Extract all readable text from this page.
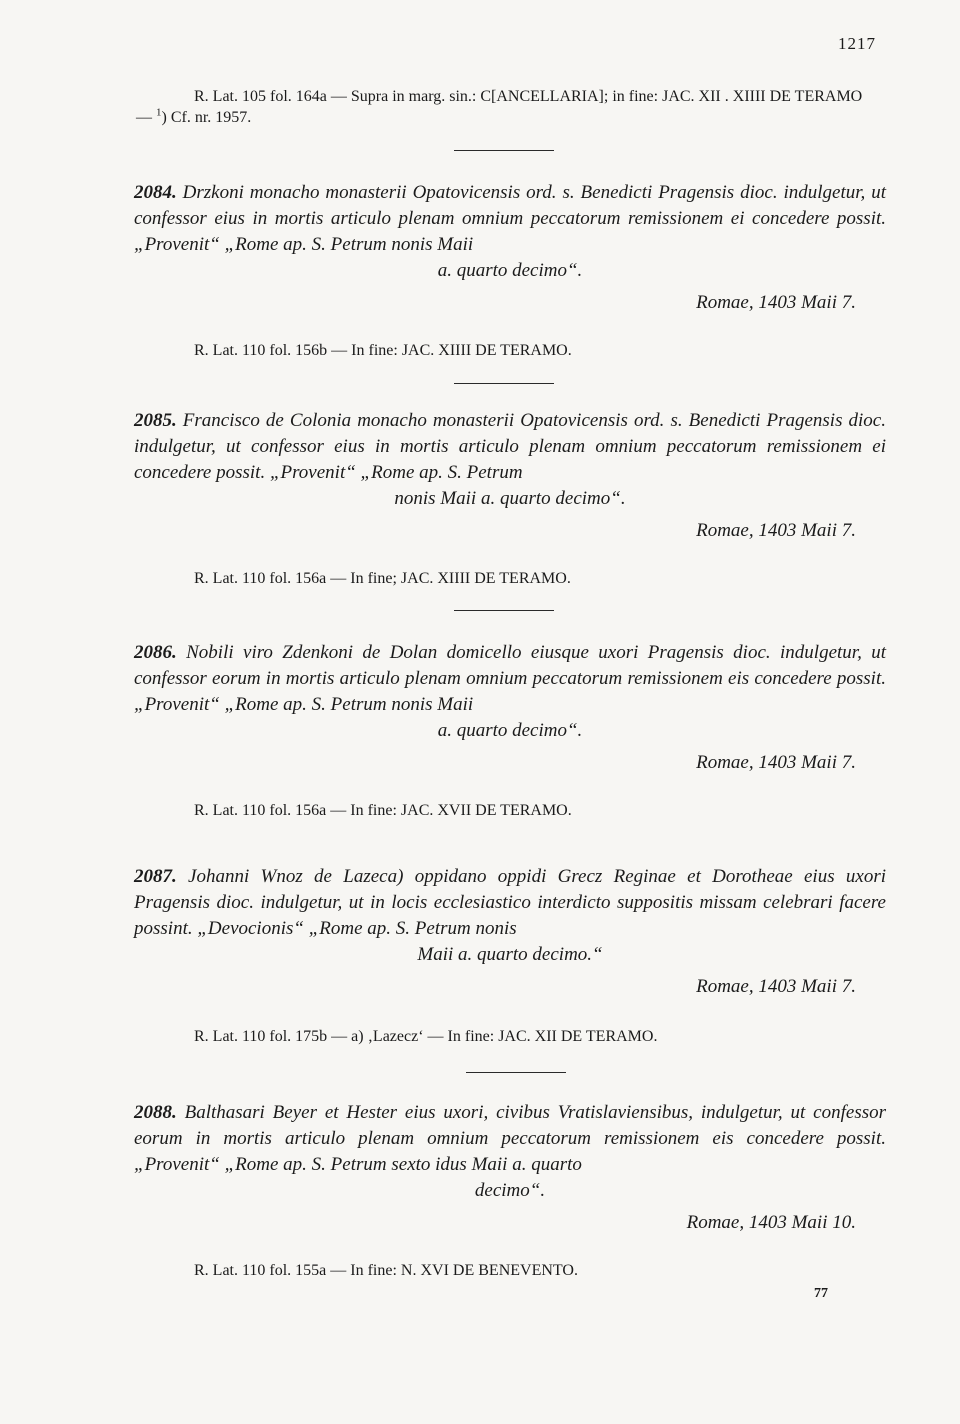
1217
R. Lat. 105 fol. 164a — Supra in marg. sin.: C[ANCELLARIA]; in fine: JAC. XII . XIIII DE TERAMO — $^1$) Cf. nr. 1957.
2084. Drzkoni monacho monasterii Opatovicensis ord. s. Benedicti Pragensis dioc. indulgetur, ut confessor eius in mortis articulo plenam omnium peccatorum remissionem ei concedere possit. „Provenit“ „Rome ap. S. Petrum nonis Maii
a. quarto decimo“.
Romae, 1403 Maii 7.
R. Lat. 110 fol. 156b — In fine: JAC. XIIII DE TERAMO.
2085. Francisco de Colonia monacho monasterii Opatovicensis ord. s. Benedicti Pragensis dioc. indulgetur, ut confessor eius in mortis articulo plenam omnium peccatorum remissionem ei concedere possit. „Provenit“ „Rome ap. S. Petrum
nonis Maii a. quarto decimo“.
Romae, 1403 Maii 7.
R. Lat. 110 fol. 156a — In fine; JAC. XIIII DE TERAMO.
2086. Nobili viro Zdenkoni de Dolan domicello eiusque uxori Pragensis dioc. indulgetur, ut confessor eorum in mortis articulo plenam omnium peccatorum remissionem eis concedere possit. „Provenit“ „Rome ap. S. Petrum nonis Maii
a. quarto decimo“.
Romae, 1403 Maii 7.
R. Lat. 110 fol. 156a — In fine: JAC. XVII DE TERAMO.
2087. Johanni Wnoz de Lazeca) oppidano oppidi Grecz Reginae et Dorotheae eius uxori Pragensis dioc. indulgetur, ut in locis ecclesiastico interdicto suppositis missam celebrari facere possint. „Devocionis“ „Rome ap. S. Petrum nonis
Maii a. quarto decimo.“
Romae, 1403 Maii 7.
R. Lat. 110 fol. 175b — a) ‚Lazecz‘ — In fine: JAC. XII DE TERAMO.
2088. Balthasari Beyer et Hester eius uxori, civibus Vratislaviensibus, indulgetur, ut confessor eorum in mortis articulo plenam omnium peccatorum remissionem eis concedere possit. „Provenit“ „Rome ap. S. Petrum sexto idus Maii a. quarto
decimo“.
Romae, 1403 Maii 10.
R. Lat. 110 fol. 155a — In fine: N. XVI DE BENEVENTO.
77
